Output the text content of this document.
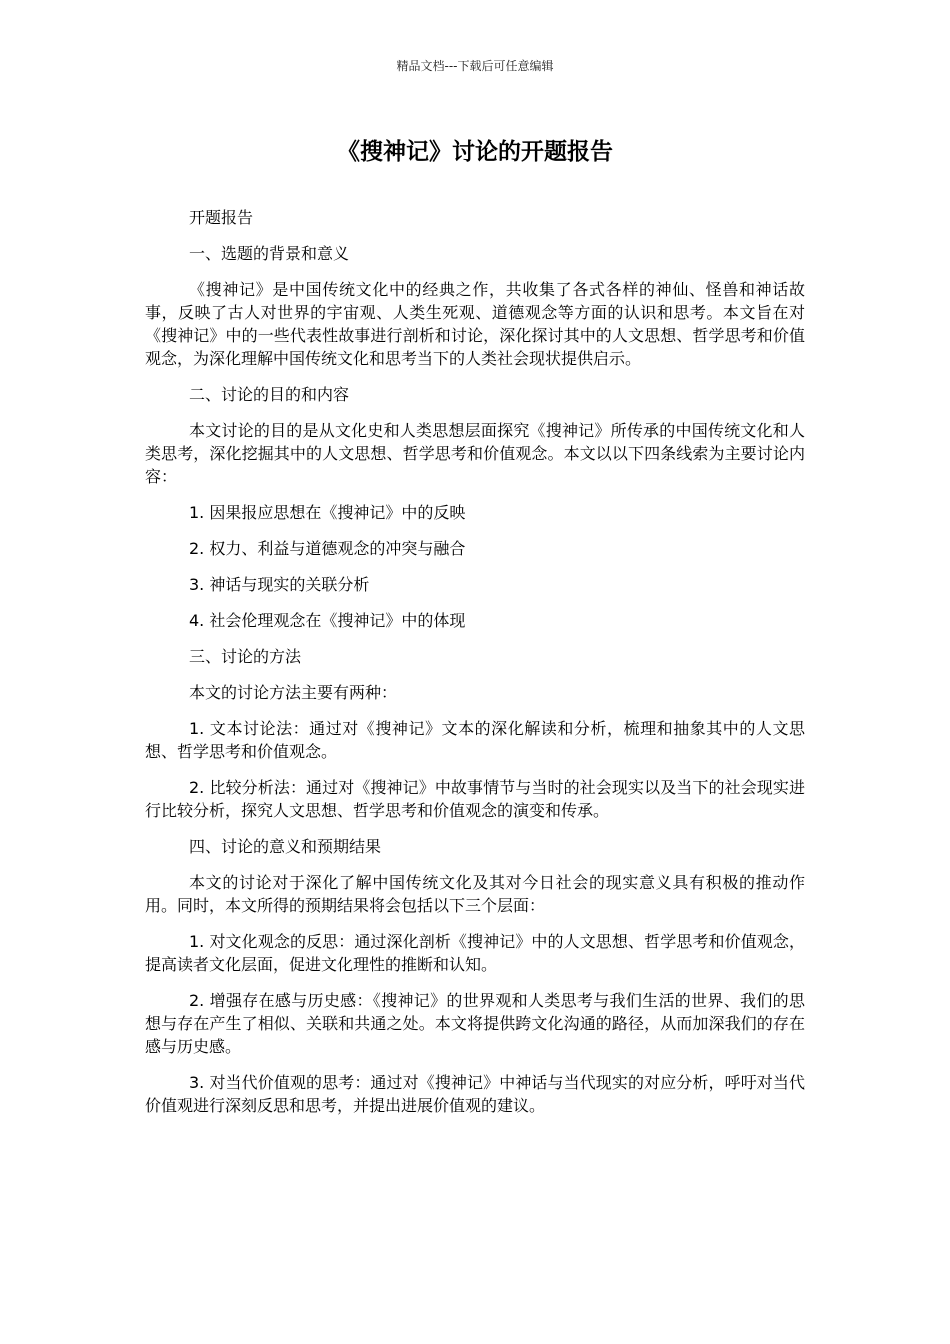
精品文档---下载后可任意编辑
《搜神记》讨论的开题报告

开题报告

一、选题的背景和意义

《搜神记》是中国传统文化中的经典之作，共收集了各式各样的神仙、怪兽和神话故事，反映了古人对世界的宇宙观、人类生死观、道德观念等方面的认识和思考。本文旨在对《搜神记》中的一些代表性故事进行剖析和讨论，深化探讨其中的人文思想、哲学思考和价值观念，为深化理解中国传统文化和思考当下的人类社会现状提供启示。

二、讨论的目的和内容

本文讨论的目的是从文化史和人类思想层面探究《搜神记》所传承的中国传统文化和人类思考，深化挖掘其中的人文思想、哲学思考和价值观念。本文以以下四条线索为主要讨论内容：

1. 因果报应思想在《搜神记》中的反映

2. 权力、利益与道德观念的冲突与融合

3. 神话与现实的关联分析

4. 社会伦理观念在《搜神记》中的体现

三、讨论的方法

本文的讨论方法主要有两种：

1. 文本讨论法：通过对《搜神记》文本的深化解读和分析，梳理和抽象其中的人文思想、哲学思考和价值观念。

2. 比较分析法：通过对《搜神记》中故事情节与当时的社会现实以及当下的社会现实进行比较分析，探究人文思想、哲学思考和价值观念的演变和传承。

四、讨论的意义和预期结果

本文的讨论对于深化了解中国传统文化及其对今日社会的现实意义具有积极的推动作用。同时，本文所得的预期结果将会包括以下三个层面：

1. 对文化观念的反思：通过深化剖析《搜神记》中的人文思想、哲学思考和价值观念，提高读者文化层面，促进文化理性的推断和认知。

2. 增强存在感与历史感：《搜神记》的世界观和人类思考与我们生活的世界、我们的思想与存在产生了相似、关联和共通之处。本文将提供跨文化沟通的路径，从而加深我们的存在感与历史感。

3. 对当代价值观的思考：通过对《搜神记》中神话与当代现实的对应分析，呼吁对当代价值观进行深刻反思和思考，并提出进展价值观的建议。
